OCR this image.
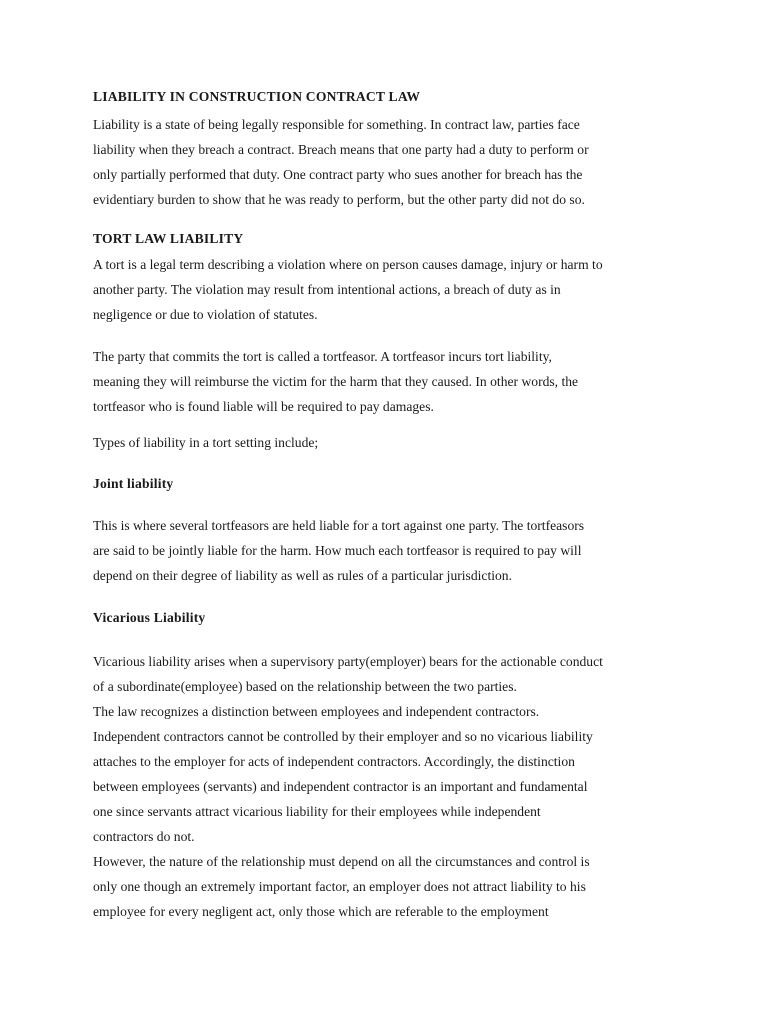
LIABILITY IN CONSTRUCTION CONTRACT LAW
Liability is a state of being legally responsible for something. In contract law, parties face
liability when they breach a contract. Breach means that one party had a duty to perform or
only partially performed that duty. One contract party who sues another for breach has the
evidentiary burden to show that he was ready to perform, but the other party did not do so.
TORT LAW LIABILITY
A tort is a legal term describing a violation where on person causes damage, injury or harm to
another party. The violation may result from intentional actions, a breach of duty as in
negligence or due to violation of statutes.
The party that commits the tort is called a tortfeasor. A tortfeasor incurs tort liability,
meaning they will reimburse the victim for the harm that they caused. In other words, the
tortfeasor who is found liable will be required to pay damages.
Types of liability in a tort setting include;
Joint liability
This is where several tortfeasors are held liable for a tort against one party. The tortfeasors
are said to be jointly liable for the harm. How much each tortfeasor is required to pay will
depend on their degree of liability as well as rules of a particular jurisdiction.
Vicarious Liability
Vicarious liability arises when a supervisory party(employer) bears for the actionable conduct
of a subordinate(employee) based on the relationship between the two parties.
The law recognizes a distinction between employees and independent contractors.
Independent contractors cannot be controlled by their employer and so no vicarious liability
attaches to the employer for acts of independent contractors. Accordingly, the distinction
between employees (servants) and independent contractor is an important and fundamental
one since servants attract vicarious liability for their employees while independent
contractors do not.
However, the nature of the relationship must depend on all the circumstances and control is
only one though an extremely important factor, an employer does not attract liability to his
employee for every negligent act, only those which are referable to the employment
